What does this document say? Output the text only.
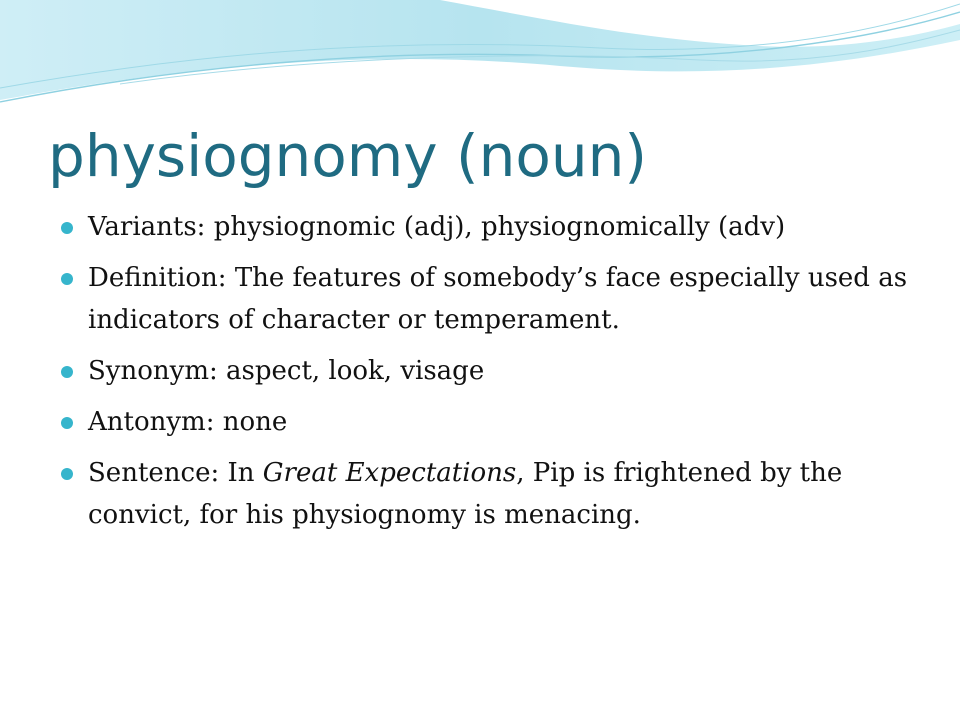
physiognomy (noun)
Variants: physiognomic (adj), physiognomically (adv)
Definition: The features of somebody’s face especially used as indicators of character or temperament.
Synonym: aspect, look, visage
Antonym: none
Sentence: In Great Expectations, Pip is frightened by the convict, for his physiognomy is menacing.
